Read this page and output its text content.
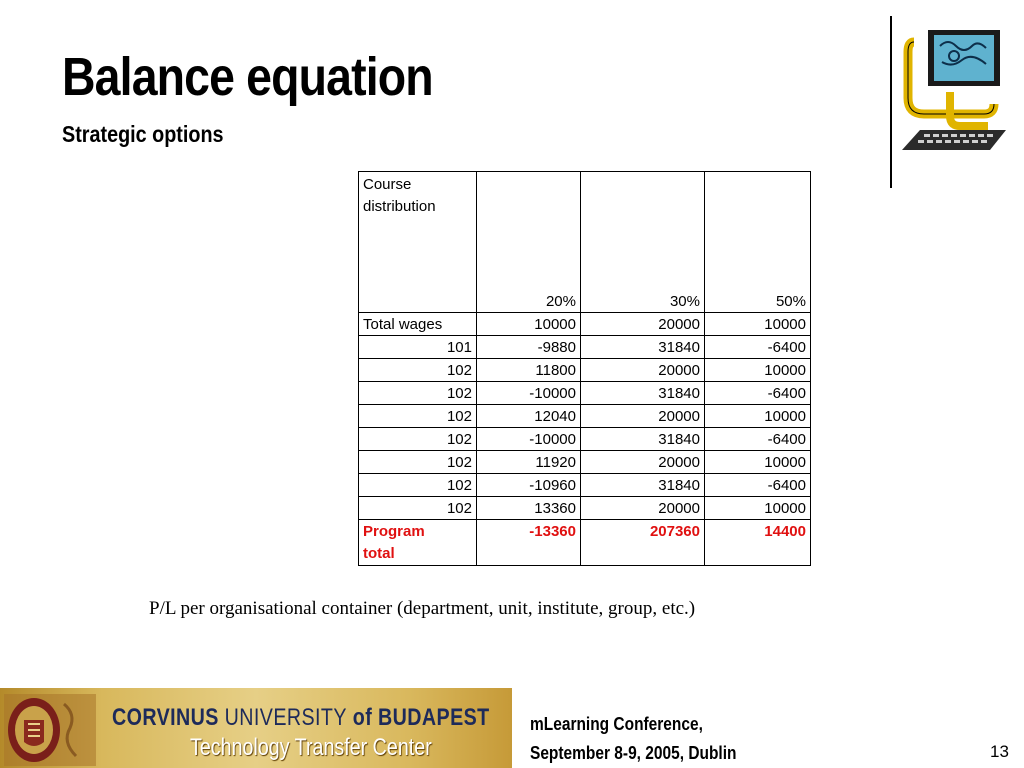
Balance equation
Strategic options
Course distribution	20%	30%	50%
Total wages	10000	20000	10000
101	-9880	31840	-6400
102	11800	20000	10000
102	-10000	31840	-6400
102	12040	20000	10000
102	-10000	31840	-6400
102	11920	20000	10000
102	-10960	31840	-6400
102	13360	20000	10000
Program total	-13360	207360	14400
P/L per organisational container (department, unit, institute, group, etc.)
CORVINUS UNIVERSITY of BUDAPEST
Technology Transfer Center
mLearning Conference,
September 8-9, 2005, Dublin	13
